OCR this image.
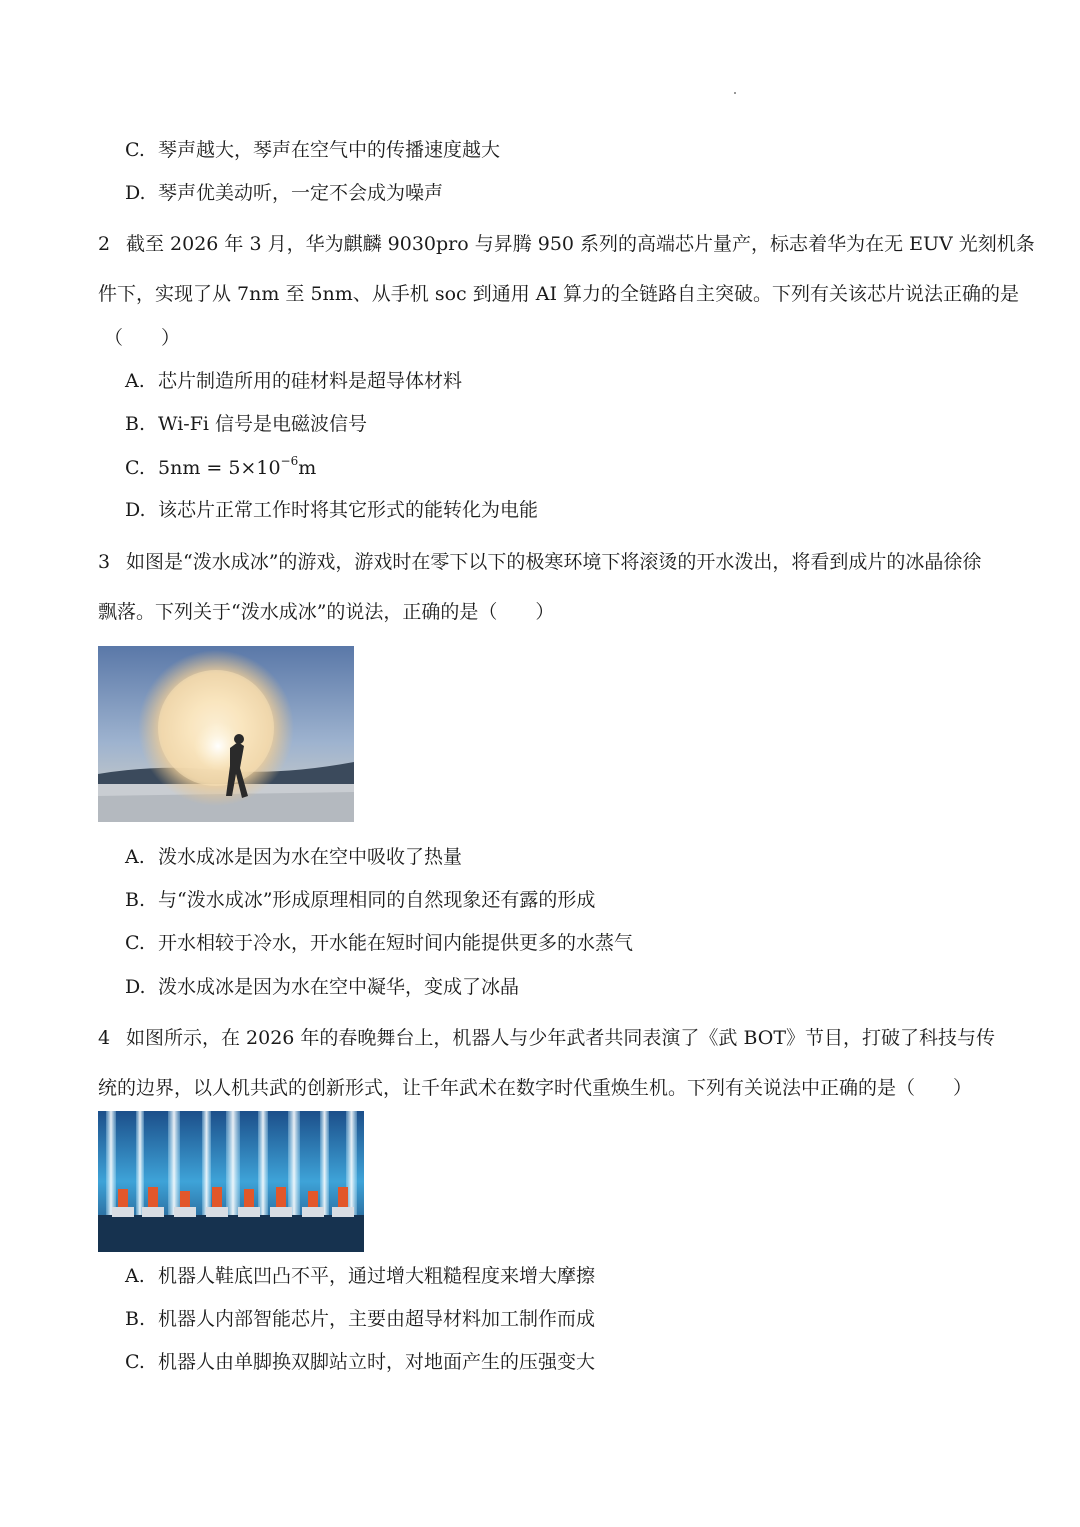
C. 琴声越大，琴声在空气中的传播速度越大
D. 琴声优美动听，一定不会成为噪声
2 截至 2026 年 3 月，华为麒麟 9030pro 与昇腾 950 系列的高端芯片量产，标志着华为在无 EUV 光刻机条
件下，实现了从 7nm 至 5nm、从手机 soc 到通用 AI 算力的全链路自主突破。下列有关该芯片说法正确的是
（　　）
A. 芯片制造所用的硅材料是超导体材料
B. Wi-Fi 信号是电磁波信号
C. $5nm = 5\times 10^{-6}m$
D. 该芯片正常工作时将其它形式的能转化为电能
3 如图是“泼水成冰”的游戏，游戏时在零下以下的极寒环境下将滚烫的开水泼出，将看到成片的冰晶徐徐
飘落。下列关于“泼水成冰”的说法，正确的是（　　）
A. 泼水成冰是因为水在空中吸收了热量
B. 与“泼水成冰”形成原理相同的自然现象还有露的形成
C. 开水相较于冷水，开水能在短时间内能提供更多的水蒸气
D. 泼水成冰是因为水在空中凝华，变成了冰晶
4 如图所示，在 2026 年的春晚舞台上，机器人与少年武者共同表演了《武 BOT》节目，打破了科技与传
统的边界，以人机共武的创新形式，让千年武术在数字时代重焕生机。下列有关说法中正确的是（　　）
A. 机器人鞋底凹凸不平，通过增大粗糙程度来增大摩擦
B. 机器人内部智能芯片，主要由超导材料加工制作而成
C. 机器人由单脚换双脚站立时，对地面产生的压强变大
